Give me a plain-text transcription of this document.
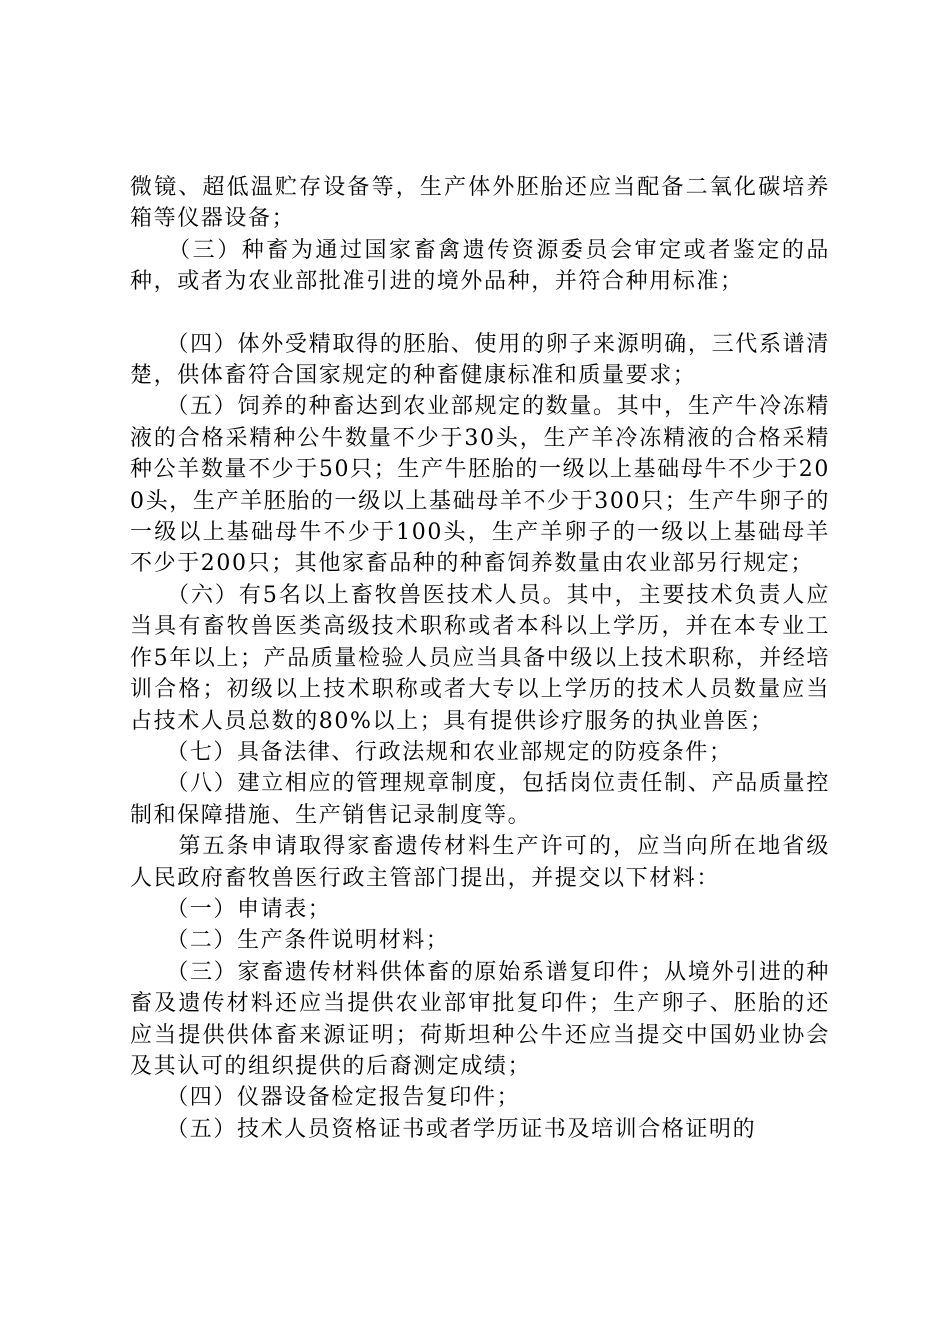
微镜、超低温贮存设备等，生产体外胚胎还应当配备二氧化碳培养箱等仪器设备；

　　（三）种畜为通过国家畜禽遗传资源委员会审定或者鉴定的品种，或者为农业部批准引进的境外品种，并符合种用标准；

　　（四）体外受精取得的胚胎、使用的卵子来源明确，三代系谱清楚，供体畜符合国家规定的种畜健康标准和质量要求；

　　（五）饲养的种畜达到农业部规定的数量。其中，生产牛冷冻精液的合格采精种公牛数量不少于30头，生产羊冷冻精液的合格采精种公羊数量不少于50只；生产牛胚胎的一级以上基础母牛不少于200头，生产羊胚胎的一级以上基础母羊不少于300只；生产牛卵子的一级以上基础母牛不少于100头，生产羊卵子的一级以上基础母羊不少于200只；其他家畜品种的种畜饲养数量由农业部另行规定；

　　（六）有5名以上畜牧兽医技术人员。其中，主要技术负责人应当具有畜牧兽医类高级技术职称或者本科以上学历，并在本专业工作5年以上；产品质量检验人员应当具备中级以上技术职称，并经培训合格；初级以上技术职称或者大专以上学历的技术人员数量应当占技术人员总数的80%以上；具有提供诊疗服务的执业兽医；

　　（七）具备法律、行政法规和农业部规定的防疫条件；

　　（八）建立相应的管理规章制度，包括岗位责任制、产品质量控制和保障措施、生产销售记录制度等。

　　第五条申请取得家畜遗传材料生产许可的，应当向所在地省级人民政府畜牧兽医行政主管部门提出，并提交以下材料：

　　（一）申请表；

　　（二）生产条件说明材料；

　　（三）家畜遗传材料供体畜的原始系谱复印件；从境外引进的种畜及遗传材料还应当提供农业部审批复印件；生产卵子、胚胎的还应当提供供体畜来源证明；荷斯坦种公牛还应当提交中国奶业协会及其认可的组织提供的后裔测定成绩；

　　（四）仪器设备检定报告复印件；

　　（五）技术人员资格证书或者学历证书及培训合格证明的
